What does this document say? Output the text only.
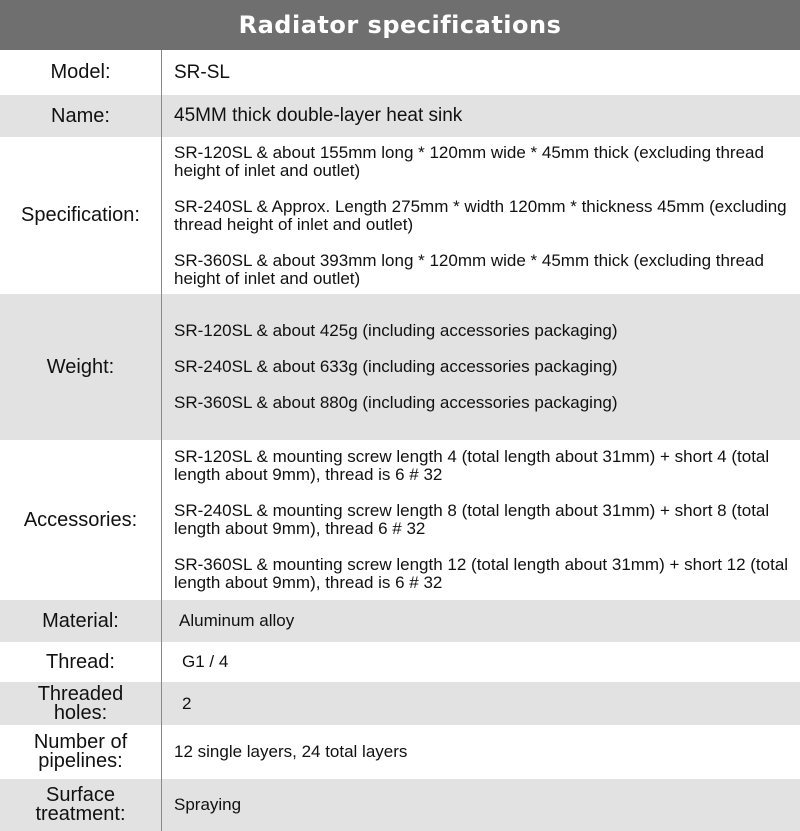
Radiator specifications
Model:	SR-SL

Name:	45MM thick double-layer heat sink

Specification:

SR-120SL & about 155mm long * 120mm wide * 45mm thick (excluding thread height of inlet and outlet)

SR-240SL & Approx. Length 275mm * width 120mm * thickness 45mm (excluding thread height of inlet and outlet)

SR-360SL & about 393mm long * 120mm wide * 45mm thick (excluding thread height of inlet and outlet)

Weight:

SR-120SL & about 425g (including accessories packaging)

SR-240SL & about 633g (including accessories packaging)

SR-360SL & about 880g (including accessories packaging)

Accessories:

SR-120SL & mounting screw length 4 (total length about 31mm) + short 4 (total length about 9mm), thread is 6 # 32

SR-240SL & mounting screw length 8 (total length about 31mm) + short 8 (total length about 9mm), thread 6 # 32

SR-360SL & mounting screw length 12 (total length about 31mm) + short 12 (total length about 9mm), thread is 6 # 32

Material:	Aluminum alloy

Thread:	G1 / 4

Threaded
holes:	2

Number of
pipelines:	12 single layers, 24 total layers

Surface
treatment:	Spraying
